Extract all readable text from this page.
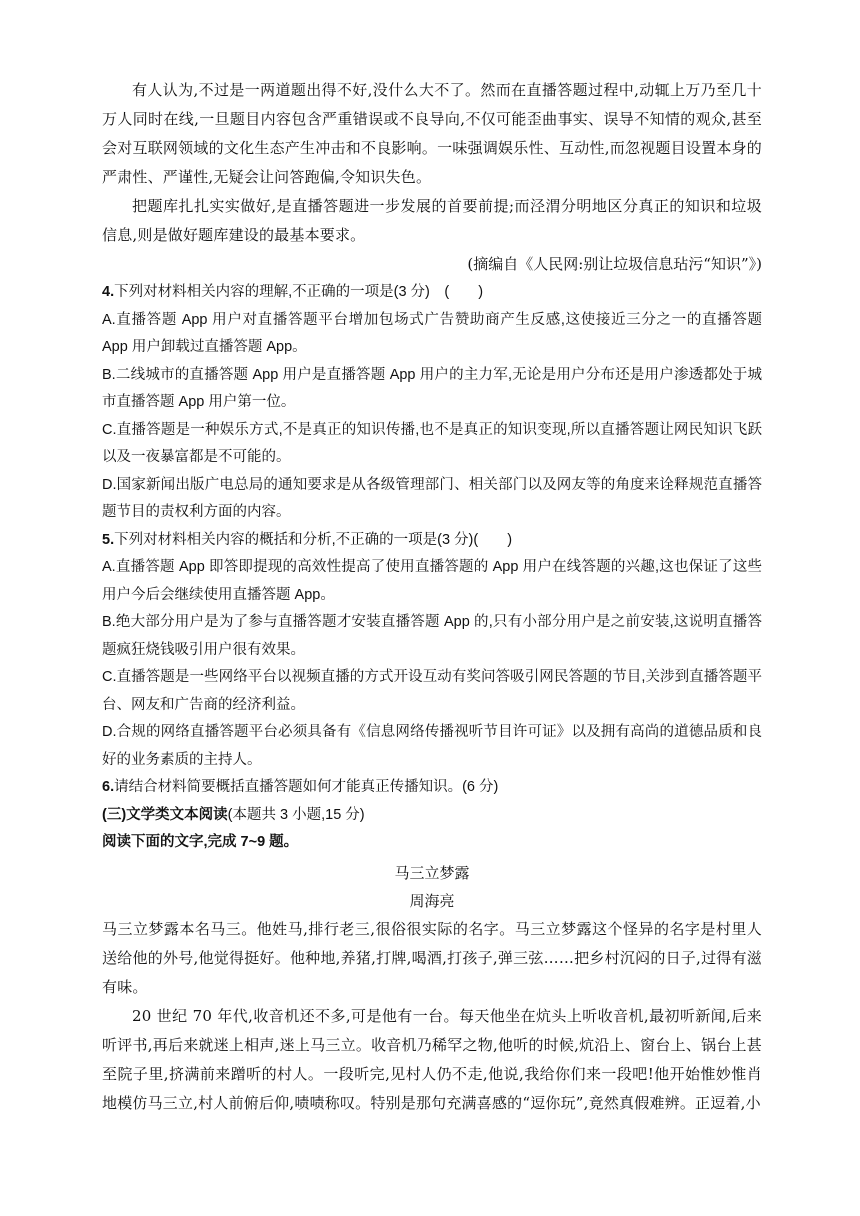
有人认为,不过是一两道题出得不好,没什么大不了。然而在直播答题过程中,动辄上万乃至几十万人同时在线,一旦题目内容包含严重错误或不良导向,不仅可能歪曲事实、误导不知情的观众,甚至会对互联网领域的文化生态产生冲击和不良影响。一味强调娱乐性、互动性,而忽视题目设置本身的严肃性、严谨性,无疑会让问答跑偏,令知识失色。

把题库扎扎实实做好,是直播答题进一步发展的首要前提;而泾渭分明地区分真正的知识和垃圾信息,则是做好题库建设的最基本要求。

(摘编自《人民网:别让垃圾信息玷污“知识”》)

4.下列对材料相关内容的理解,不正确的一项是(3 分)　(　　)

A.直播答题 App 用户对直播答题平台增加包场式广告赞助商产生反感,这使接近三分之一的直播答题 App 用户卸载过直播答题 App。

B.二线城市的直播答题 App 用户是直播答题 App 用户的主力军,无论是用户分布还是用户渗透都处于城市直播答题 App 用户第一位。

C.直播答题是一种娱乐方式,不是真正的知识传播,也不是真正的知识变现,所以直播答题让网民知识飞跃以及一夜暴富都是不可能的。

D.国家新闻出版广电总局的通知要求是从各级管理部门、相关部门以及网友等的角度来诠释规范直播答题节目的责权利方面的内容。

5.下列对材料相关内容的概括和分析,不正确的一项是(3 分)(　　)

A.直播答题 App 即答即提现的高效性提高了使用直播答题的 App 用户在线答题的兴趣,这也保证了这些用户今后会继续使用直播答题 App。

B.绝大部分用户是为了参与直播答题才安装直播答题 App 的,只有小部分用户是之前安装,这说明直播答题疯狂烧钱吸引用户很有效果。

C.直播答题是一些网络平台以视频直播的方式开设互动有奖问答吸引网民答题的节目,关涉到直播答题平台、网友和广告商的经济利益。

D.合规的网络直播答题平台必须具备有《信息网络传播视听节目许可证》以及拥有高尚的道德品质和良好的业务素质的主持人。

6.请结合材料简要概括直播答题如何才能真正传播知识。(6 分)

(三)文学类文本阅读(本题共 3 小题,15 分)

阅读下面的文字,完成 7~9 题。

马三立梦露

周海亮

马三立梦露本名马三。他姓马,排行老三,很俗很实际的名字。马三立梦露这个怪异的名字是村里人送给他的外号,他觉得挺好。他种地,养猪,打牌,喝酒,打孩子,弹三弦……把乡村沉闷的日子,过得有滋有味。

20 世纪 70 年代,收音机还不多,可是他有一台。每天他坐在炕头上听收音机,最初听新闻,后来听评书,再后来就迷上相声,迷上马三立。收音机乃稀罕之物,他听的时候,炕沿上、窗台上、锅台上甚至院子里,挤满前来蹭听的村人。一段听完,见村人仍不走,他说,我给你们来一段吧!他开始惟妙惟肖地模仿马三立,村人前俯后仰,啧啧称叹。特别是那句充满喜感的“逗你玩”,竟然真假难辨。正逗着,小
